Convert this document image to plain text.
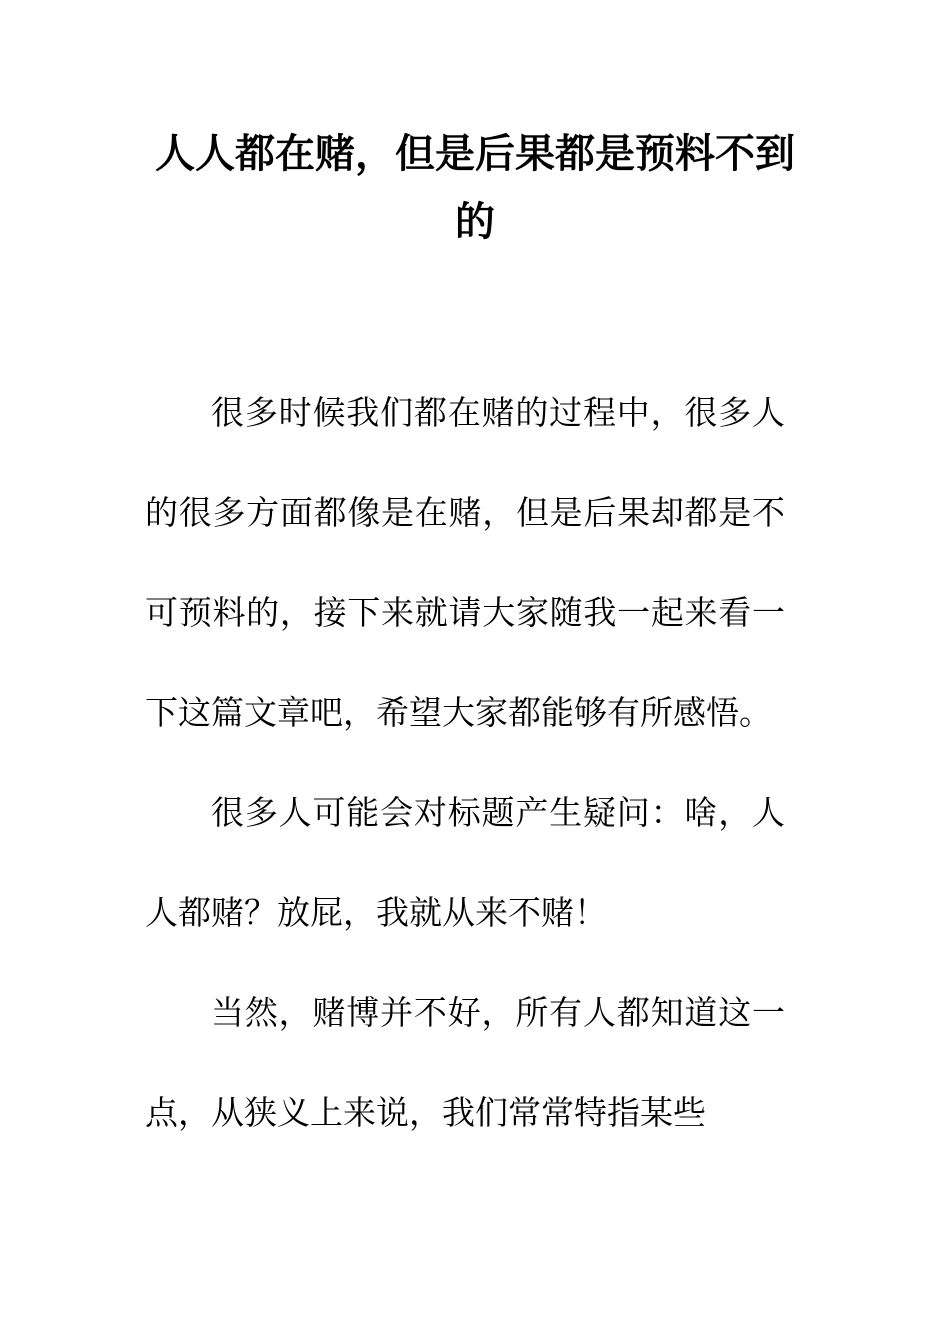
人人都在赌，但是后果都是预料不到的

很多时候我们都在赌的过程中，很多人的很多方面都像是在赌，但是后果却都是不可预料的，接下来就请大家随我一起来看一下这篇文章吧，希望大家都能够有所感悟。

很多人可能会对标题产生疑问：啥，人人都赌？放屁，我就从来不赌！

当然，赌博并不好，所有人都知道这一点，从狭义上来说，我们常常特指某些
